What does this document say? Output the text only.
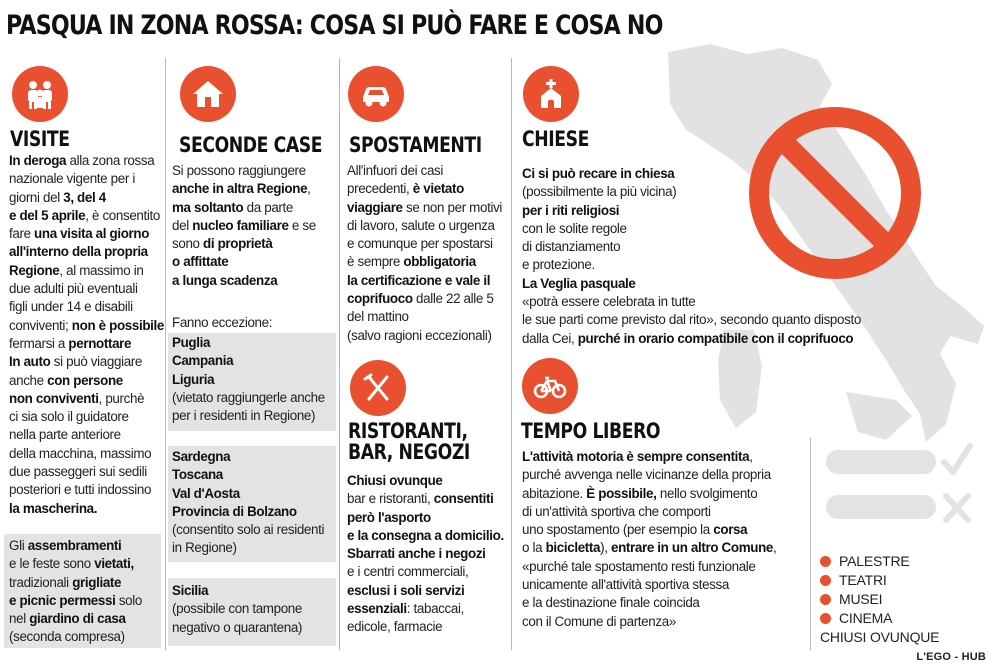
PASQUA IN ZONA ROSSA: COSA SI PUÒ FARE E COSA NO
VISITE
In deroga alla zona rossa
nazionale vigente per i
giorni del 3, del 4
e del 5 aprile, è consentito
fare una visita al giorno
all'interno della propria
Regione, al massimo in
due adulti più eventuali
figli under 14 e disabili
conviventi; non è possibile
fermarsi a pernottare
In auto si può viaggiare
anche con persone
non conviventi, purchè
ci sia solo il guidatore
nella parte anteriore
della macchina, massimo
due passeggeri sui sedili
posteriori e tutti indossino
la mascherina.
Gli assembramenti
e le feste sono vietati,
tradizionali grigliate
e picnic permessi solo
nel giardino di casa
(seconda compresa)
SECONDE CASE
Si possono raggiungere
anche in altra Regione,
ma soltanto da parte
del nucleo familiare e se
sono di proprietà
o affittate
a lunga scadenza
Fanno eccezione:
Puglia
Campania
Liguria
(vietato raggiungerle anche
per i residenti in Regione)
Sardegna
Toscana
Val d'Aosta
Provincia di Bolzano
(consentito solo ai residenti
in Regione)
Sicilia
(possibile con tampone
negativo o quarantena)
SPOSTAMENTI
All'infuori dei casi
precedenti, è vietato
viaggiare se non per motivi
di lavoro, salute o urgenza
e comunque per spostarsi
è sempre obbligatoria
la certificazione e vale il
coprifuoco dalle 22 alle 5
del mattino
(salvo ragioni eccezionali)
RISTORANTI,
BAR, NEGOZI
Chiusi ovunque
bar e ristoranti, consentiti
però l'asporto
e la consegna a domicilio.
Sbarrati anche i negozi
e i centri commerciali,
esclusi i soli servizi
essenziali: tabaccai,
edicole, farmacie
CHIESE
Ci si può recare in chiesa
(possibilmente la più vicina)
per i riti religiosi
con le solite regole
di distanziamento
e protezione.
La Veglia pasquale
«potrà essere celebrata in tutte
le sue parti come previsto dal rito», secondo quanto disposto
dalla Cei, purché in orario compatibile con il coprifuoco
TEMPO LIBERO
L'attività motoria è sempre consentita,
purché avvenga nelle vicinanze della propria
abitazione. È possibile, nello svolgimento
di un'attività sportiva che comporti
uno spostamento (per esempio la corsa
o la bicicletta), entrare in un altro Comune,
«purché tale spostamento resti funzionale
unicamente all'attività sportiva stessa
e la destinazione finale coincida
con il Comune di partenza»
PALESTRE
TEATRI
MUSEI
CINEMA
CHIUSI OVUNQUE
L'EGO - HUB
